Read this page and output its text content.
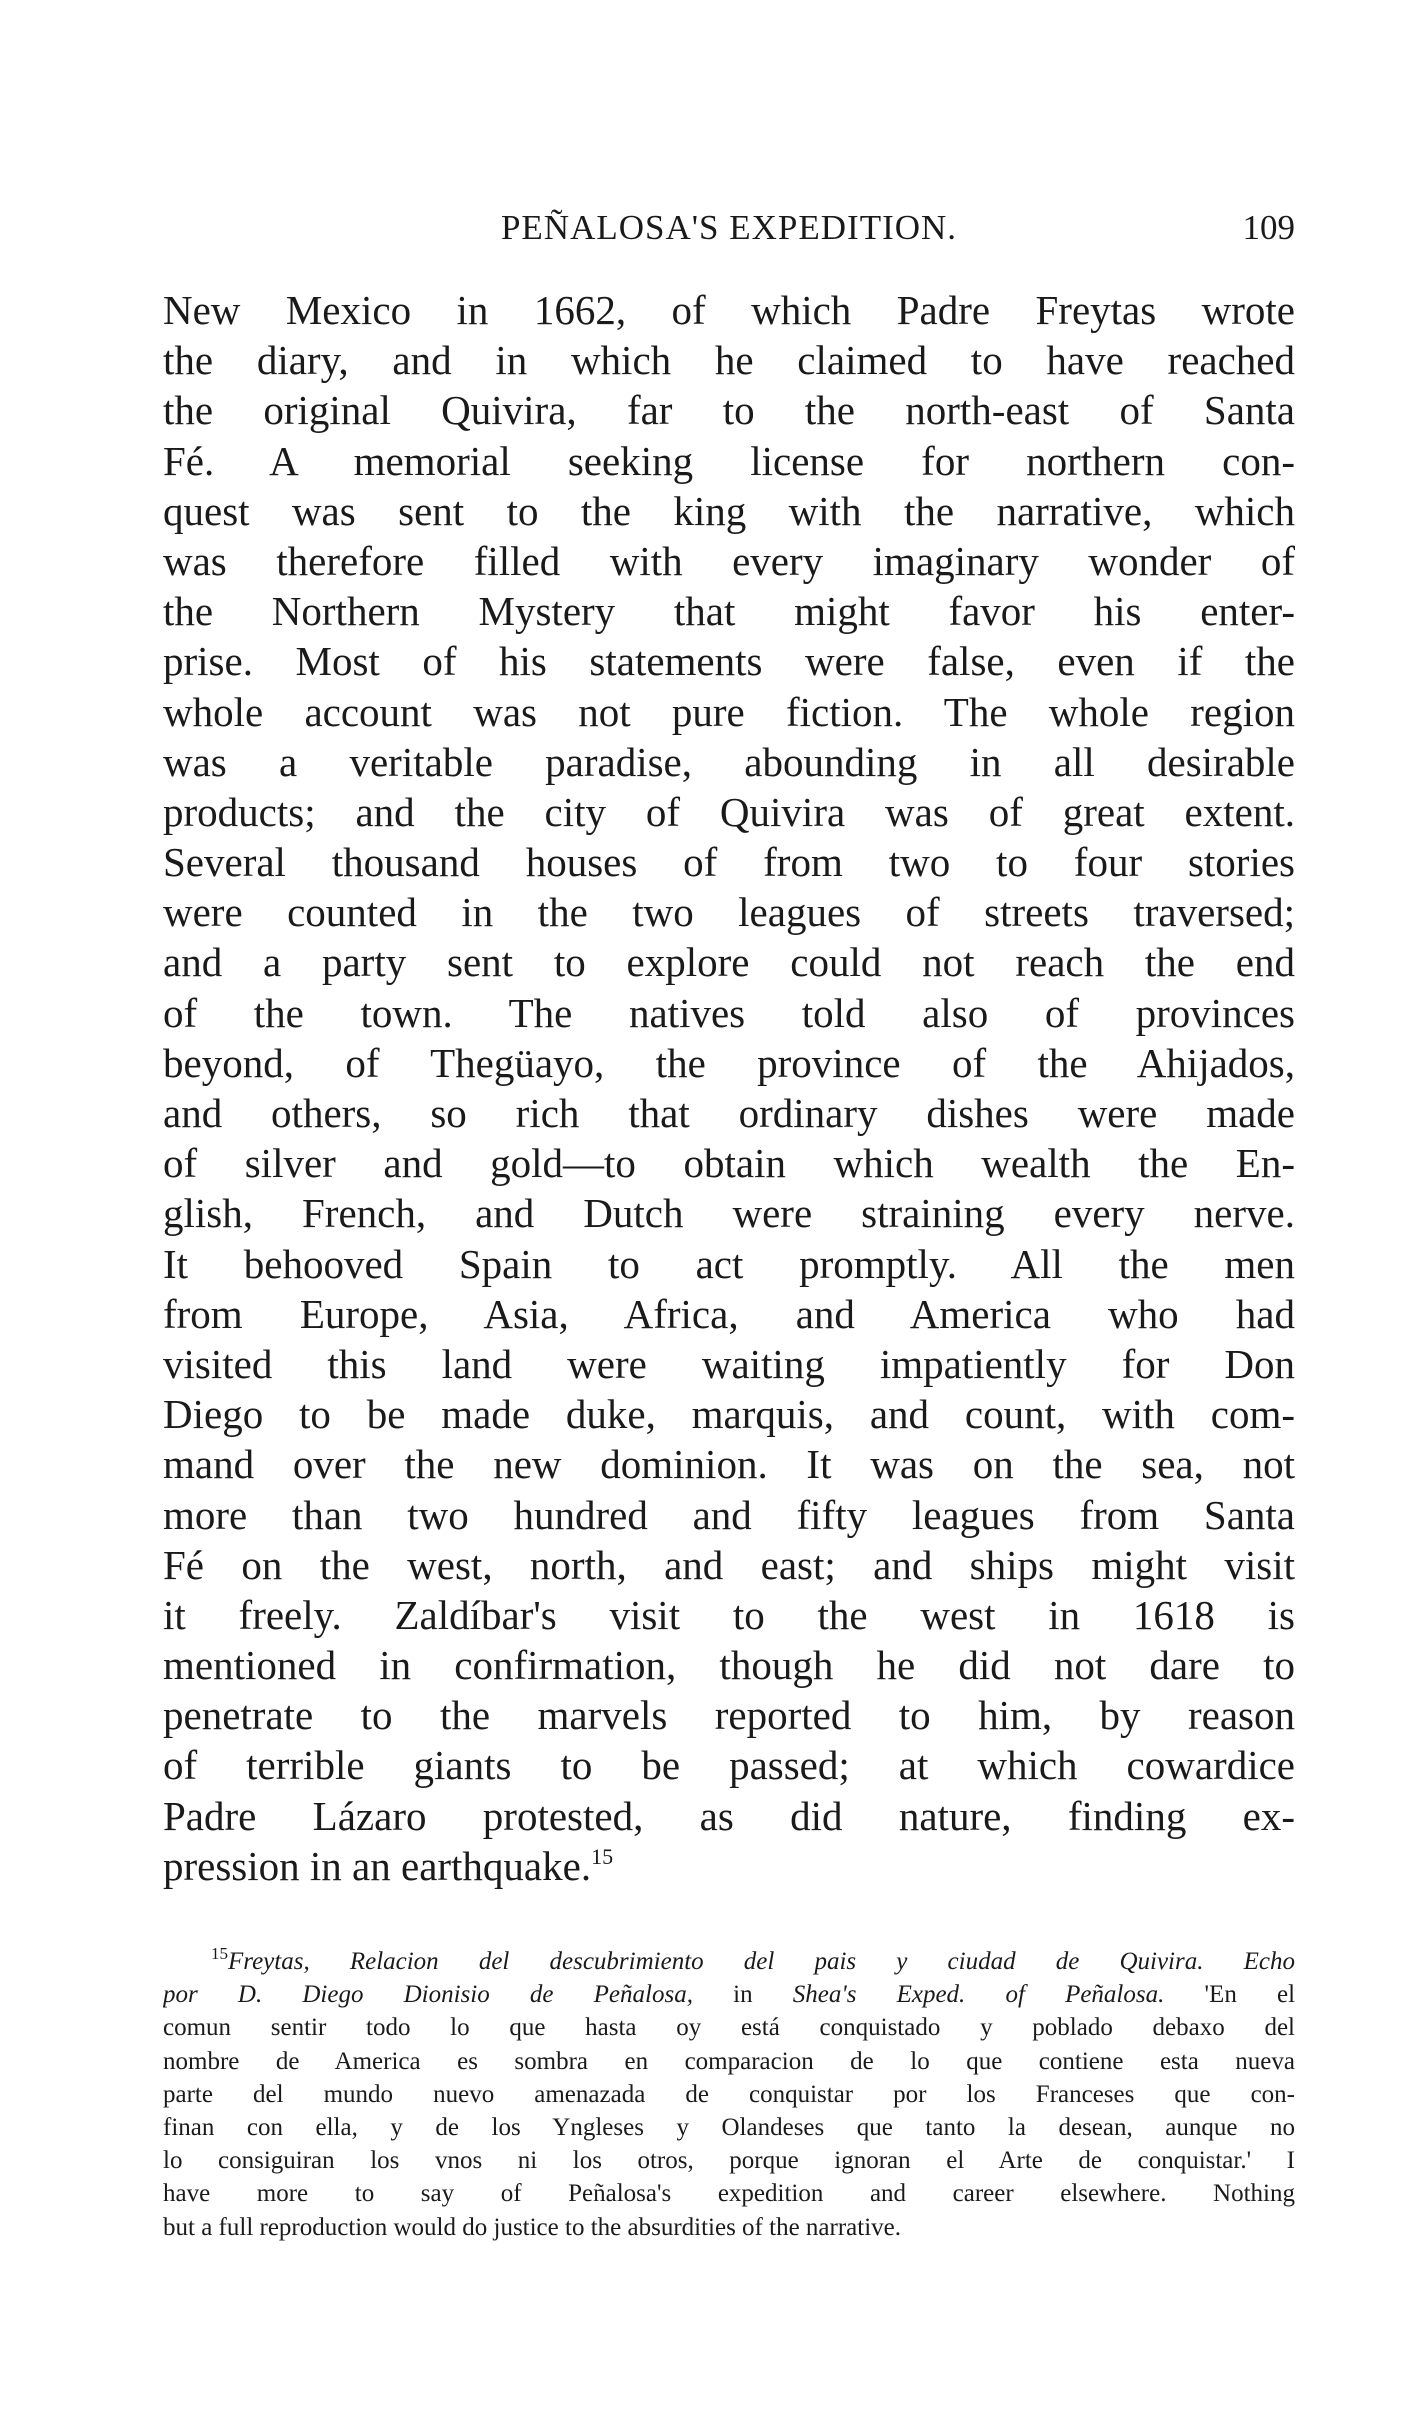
PEÑALOSA'S EXPEDITION.	109
New Mexico in 1662, of which Padre Freytas wrote
the diary, and in which he claimed to have reached
the original Quivira, far to the north-east of Santa
Fé. A memorial seeking license for northern con-
quest was sent to the king with the narrative, which
was therefore filled with every imaginary wonder of
the Northern Mystery that might favor his enter-
prise. Most of his statements were false, even if the
whole account was not pure fiction. The whole region
was a veritable paradise, abounding in all desirable
products; and the city of Quivira was of great extent.
Several thousand houses of from two to four stories
were counted in the two leagues of streets traversed;
and a party sent to explore could not reach the end
of the town. The natives told also of provinces
beyond, of Thegüayo, the province of the Ahijados,
and others, so rich that ordinary dishes were made
of silver and gold—to obtain which wealth the En-
glish, French, and Dutch were straining every nerve.
It behooved Spain to act promptly. All the men
from Europe, Asia, Africa, and America who had
visited this land were waiting impatiently for Don
Diego to be made duke, marquis, and count, with com-
mand over the new dominion. It was on the sea, not
more than two hundred and fifty leagues from Santa
Fé on the west, north, and east; and ships might visit
it freely. Zaldíbar's visit to the west in 1618 is
mentioned in confirmation, though he did not dare to
penetrate to the marvels reported to him, by reason
of terrible giants to be passed; at which cowardice
Padre Lázaro protested, as did nature, finding ex-
pression in an earthquake.$^{15}$
$^{15}$Freytas, Relacion del descubrimiento del pais y ciudad de Quivira. Echo
por D. Diego Dionisio de Peñalosa, in Shea's Exped. of Peñalosa. 'En el
comun sentir todo lo que hasta oy está conquistado y poblado debaxo del
nombre de America es sombra en comparacion de lo que contiene esta nueva
parte del mundo nuevo amenazada de conquistar por los Franceses que con-
finan con ella, y de los Yngleses y Olandeses que tanto la desean, aunque no
lo consiguiran los vnos ni los otros, porque ignoran el Arte de conquistar.' I
have more to say of Peñalosa's expedition and career elsewhere. Nothing
but a full reproduction would do justice to the absurdities of the narrative.
